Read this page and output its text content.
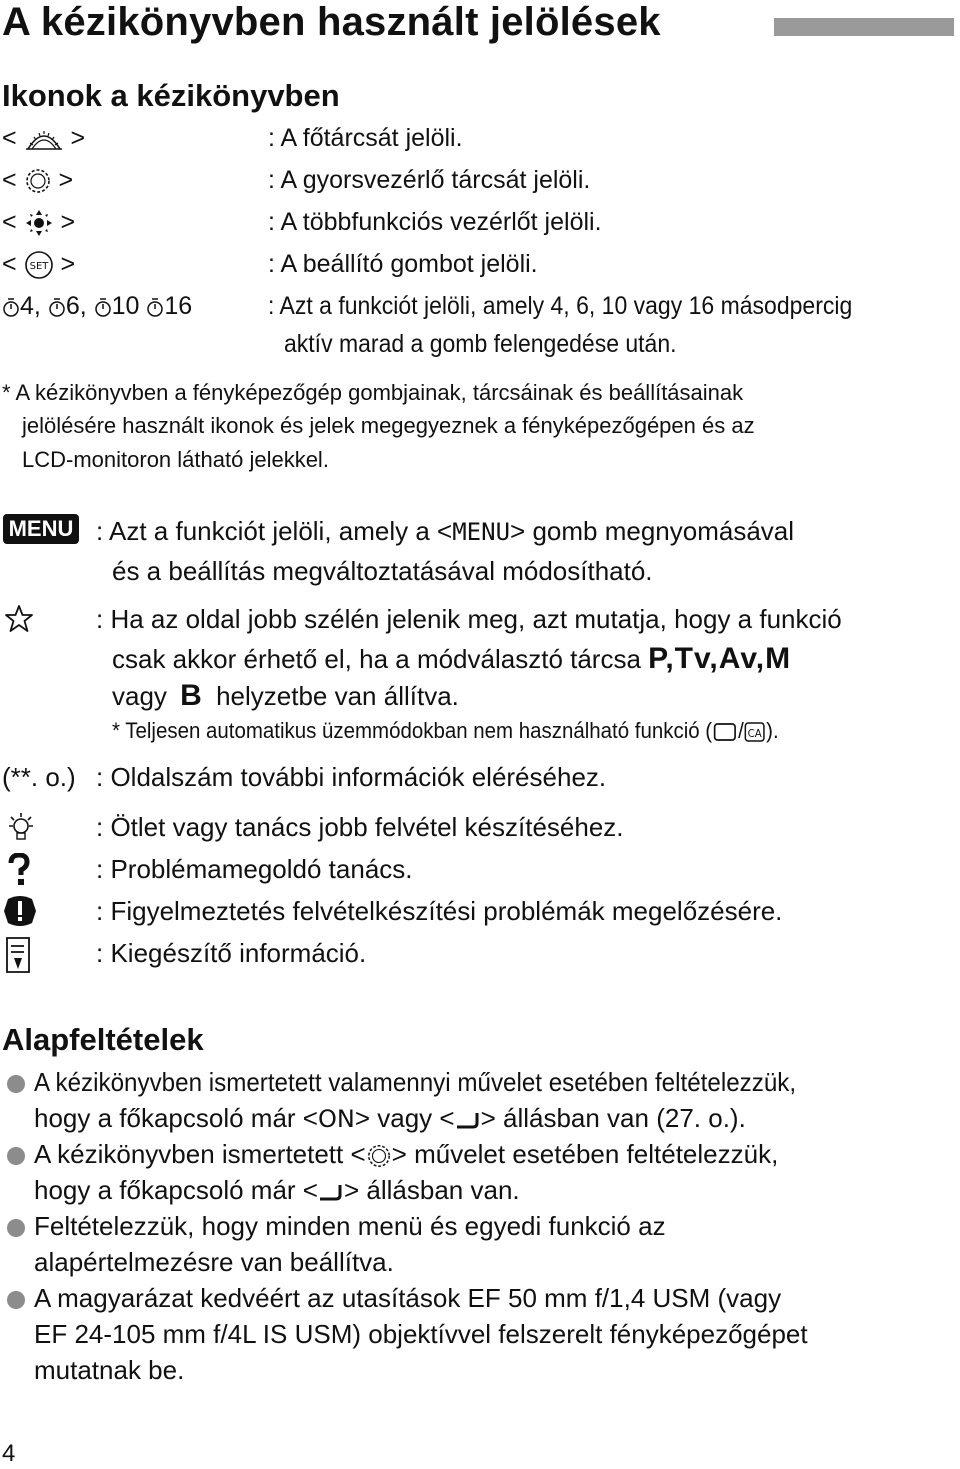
A kézikönyvben használt jelölések
Ikonok a kézikönyvben
< >	: A főtárcsát jelöli.
< >	: A gyorsvezérlő tárcsát jelöli.
< >	: A többfunkciós vezérlőt jelöli.
< SET >	: A beállító gombot jelöli.
4, 6, 10 16	: Azt a funkciót jelöli, amely 4, 6, 10 vagy 16 másodpercig
aktív marad a gomb felengedése után.
* A kézikönyvben a fényképezőgép gombjainak, tárcsáinak és beállításainak
jelölésére használt ikonok és jelek megegyeznek a fényképezőgépen és az
LCD-monitoron látható jelekkel.
MENU : Azt a funkciót jelöli, amely a <MENU> gomb megnyomásával
és a beállítás megváltoztatásával módosítható.
: Ha az oldal jobb szélén jelenik meg, azt mutatja, hogy a funkció
csak akkor érhető el, ha a módválasztó tárcsa P,Tv,Av,M
vagy B helyzetbe van állítva.
* Teljesen automatikus üzemmódokban nem használható funkció ( / CA ).
(**. o.) : Oldalszám további információk eléréséhez.
: Ötlet vagy tanács jobb felvétel készítéséhez.
: Problémamegoldó tanács.
: Figyelmeztetés felvételkészítési problémák megelőzésére.
: Kiegészítő információ.
Alapfeltételek
A kézikönyvben ismertetett valamennyi művelet esetében feltételezzük,
hogy a főkapcsoló már <ON> vagy < > állásban van (27. o.).
A kézikönyvben ismertetett < > művelet esetében feltételezzük,
hogy a főkapcsoló már < > állásban van.
Feltételezzük, hogy minden menü és egyedi funkció az
alapértelmezésre van beállítva.
A magyarázat kedvéért az utasítások EF 50 mm f/1,4 USM (vagy
EF 24-105 mm f/4L IS USM) objektívvel felszerelt fényképezőgépet
mutatnak be.
4
